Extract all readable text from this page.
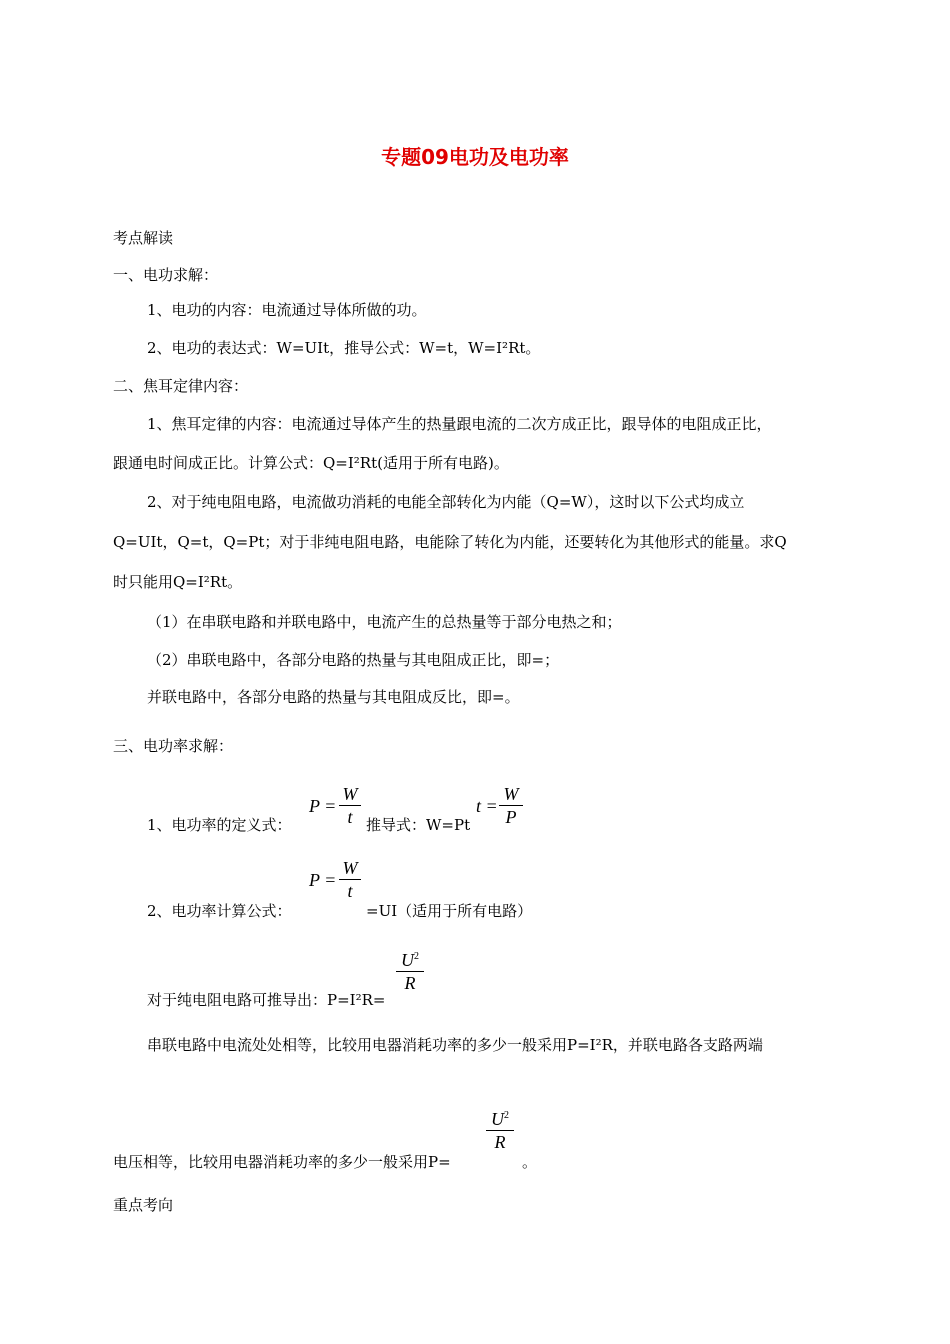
专题09电功及电功率
考点解读
一、电功求解：
1、电功的内容：电流通过导体所做的功。
2、电功的表达式：W=UIt，推导公式：W=t，W=I²Rt。
二、焦耳定律内容：
1、焦耳定律的内容：电流通过导体产生的热量跟电流的二次方成正比，跟导体的电阻成正比，
跟通电时间成正比。计算公式：Q=I²Rt(适用于所有电路)。
2、对于纯电阻电路，电流做功消耗的电能全部转化为内能（Q=W），这时以下公式均成立
Q=UIt，Q=t，Q=Pt；对于非纯电阻电路，电能除了转化为内能，还要转化为其他形式的能量。求Q
时只能用Q=I²Rt。
（1）在串联电路和并联电路中，电流产生的总热量等于部分电热之和；
（2）串联电路中，各部分电路的热量与其电阻成正比，即=；
并联电路中，各部分电路的热量与其电阻成反比，即=。
三、电功率求解：
P =
W
t
1、电功率的定义式：	推导式：W=Pt
t =
W
P
P =
W
t
2、电功率计算公式：	=UI（适用于所有电路）
$U^2$
R
对于纯电阻电路可推导出：P=I²R=
串联电路中电流处处相等，比较用电器消耗功率的多少一般采用P=I²R，并联电路各支路两端
$U^2$
R
电压相等，比较用电器消耗功率的多少一般采用P=	。
重点考向
